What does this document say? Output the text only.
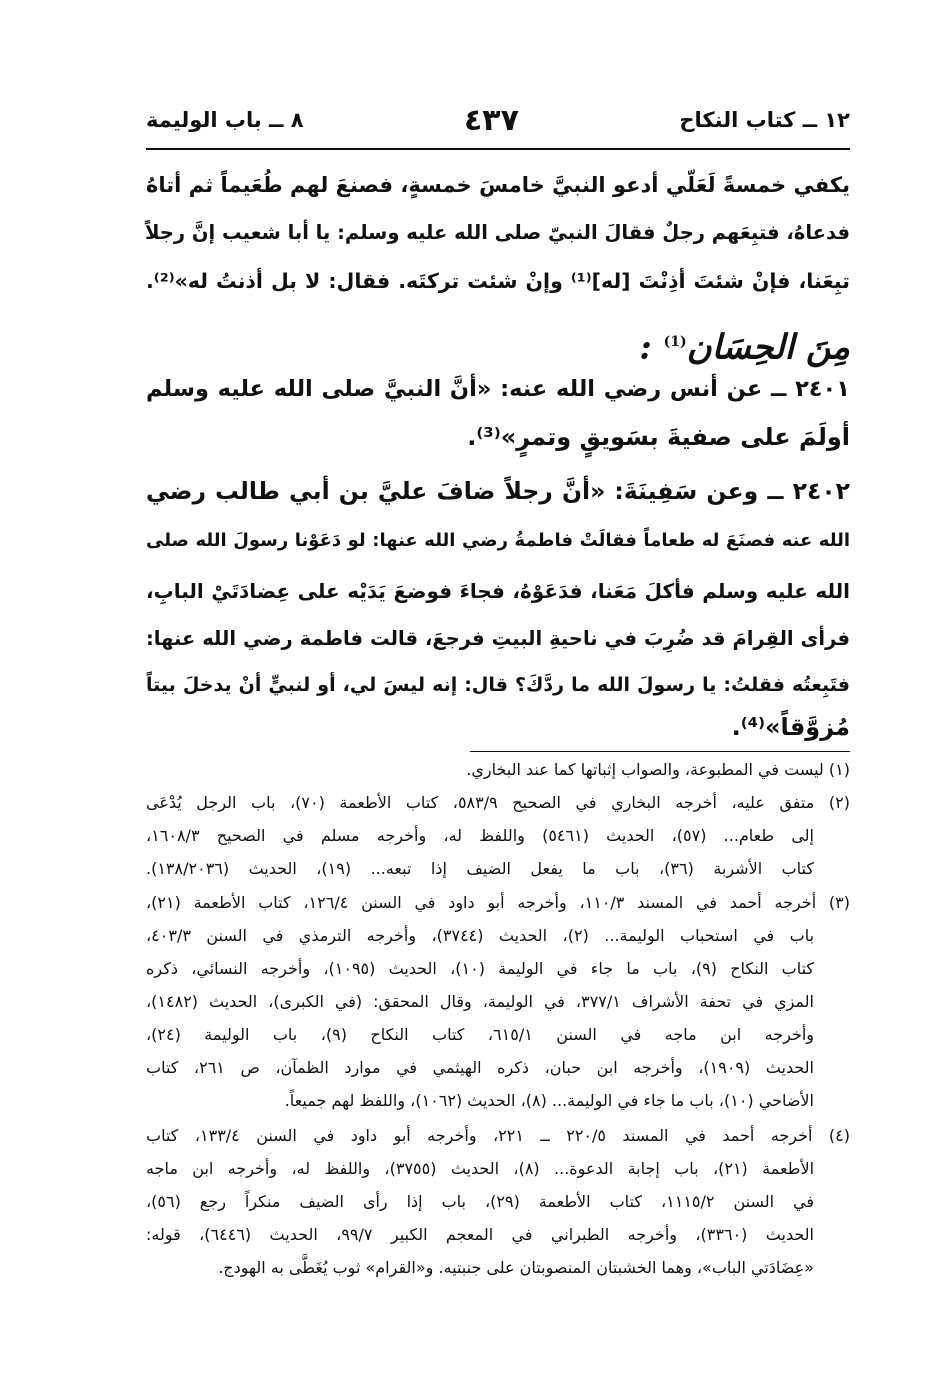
١٢ ــ كتاب النكاح
٤٣٧
٨ ــ باب الوليمة
يكفي خمسةً لَعَلّي أدعو النبيَّ خامسَ خمسةٍ، فصنعَ لهم طُعَيماً ثم أتاهُ
فدعاهُ، فتبِعَهم رجلٌ فقالَ النبيّ صلى الله عليه وسلم: يا أبا شعيب إنَّ رجلاً
تبِعَنا، فإنْ شئتَ أذِنْتَ [له]⁽¹⁾ وإنْ شئت تركتَه. فقال: لا بل أذنتُ له»⁽²⁾.
مِنَ الحِسَان$^{(1)}$ :
٢٤٠١ ــ عن أنس رضي الله عنه: «أنَّ النبيَّ صلى الله عليه وسلم
أولَمَ على صفيةَ بسَويقٍ وتمرٍ»⁽³⁾.
٢٤٠٢ ــ وعن سَفِينَةَ: «أنَّ رجلاً ضافَ عليَّ بن أبي طالب رضي
الله عنه فصنَعَ له طعاماً فقالَتْ فاطمةُ رضي الله عنها: لو دَعَوْنا رسولَ الله صلى
الله عليه وسلم فأكلَ مَعَنا، فدَعَوْهُ، فجاءَ فوضعَ يَدَيْه على عِضادَتَيْ البابِ،
فرأى القِرامَ قد ضُرِبَ في ناحيةِ البيتِ فرجعَ، قالت فاطمة رضي الله عنها:
فتَبِعتُه فقلتُ: يا رسولَ الله ما ردَّكَ؟ قال: إنه ليسَ لي، أو لنبيٍّ أنْ يدخلَ بيتاً
مُزوَّقاً»⁽⁴⁾.
(١) ليست في المطبوعة، والصواب إثباتها كما عند البخاري.
(٢) متفق عليه، أخرجه البخاري في الصحيح ٥٨٣/٩، كتاب الأطعمة (٧٠)، باب الرجل يُدْعَى
إلى طعام... (٥٧)، الحديث (٥٤٦١) واللفظ له، وأخرجه مسلم في الصحيح ١٦٠٨/٣،
كتاب الأشربة (٣٦)، باب ما يفعل الضيف إذا تبعه... (١٩)، الحديث (١٣٨/٢٠٣٦).
(٣) أخرجه أحمد في المسند ١١٠/٣، وأخرجه أبو داود في السنن ١٢٦/٤، كتاب الأطعمة (٢١)،
باب في استحباب الوليمة... (٢)، الحديث (٣٧٤٤)، وأخرجه الترمذي في السنن ٤٠٣/٣،
كتاب النكاح (٩)، باب ما جاء في الوليمة (١٠)، الحديث (١٠٩٥)، وأخرجه النسائي، ذكره
المزي في تحفة الأشراف ٣٧٧/١، في الوليمة، وقال المحقق: (في الكبرى)، الحديث (١٤٨٢)،
وأخرجه ابن ماجه في السنن ٦١٥/١، كتاب النكاح (٩)، باب الوليمة (٢٤)،
الحديث (١٩٠٩)، وأخرجه ابن حبان، ذكره الهيثمي في موارد الظمآن، ص ٢٦١، كتاب
الأضاحي (١٠)، باب ما جاء في الوليمة... (٨)، الحديث (١٠٦٢)، واللفظ لهم جميعاً.
(٤) أخرجه أحمد في المسند ٢٢٠/٥ ــ ٢٢١، وأخرجه أبو داود في السنن ١٣٣/٤، كتاب
الأطعمة (٢١)، باب إجابة الدعوة... (٨)، الحديث (٣٧٥٥)، واللفظ له، وأخرجه ابن ماجه
في السنن ١١١٥/٢، كتاب الأطعمة (٢٩)، باب إذا رأى الضيف منكراً رجع (٥٦)،
الحديث (٣٣٦٠)، وأخرجه الطبراني في المعجم الكبير ٩٩/٧، الحديث (٦٤٤٦)، قوله:
«عِضَادَتي الباب»، وهما الخشبتان المنصوبتان على جنبتيه. و«القرام» ثوب يُغَطَّى به الهودج.
